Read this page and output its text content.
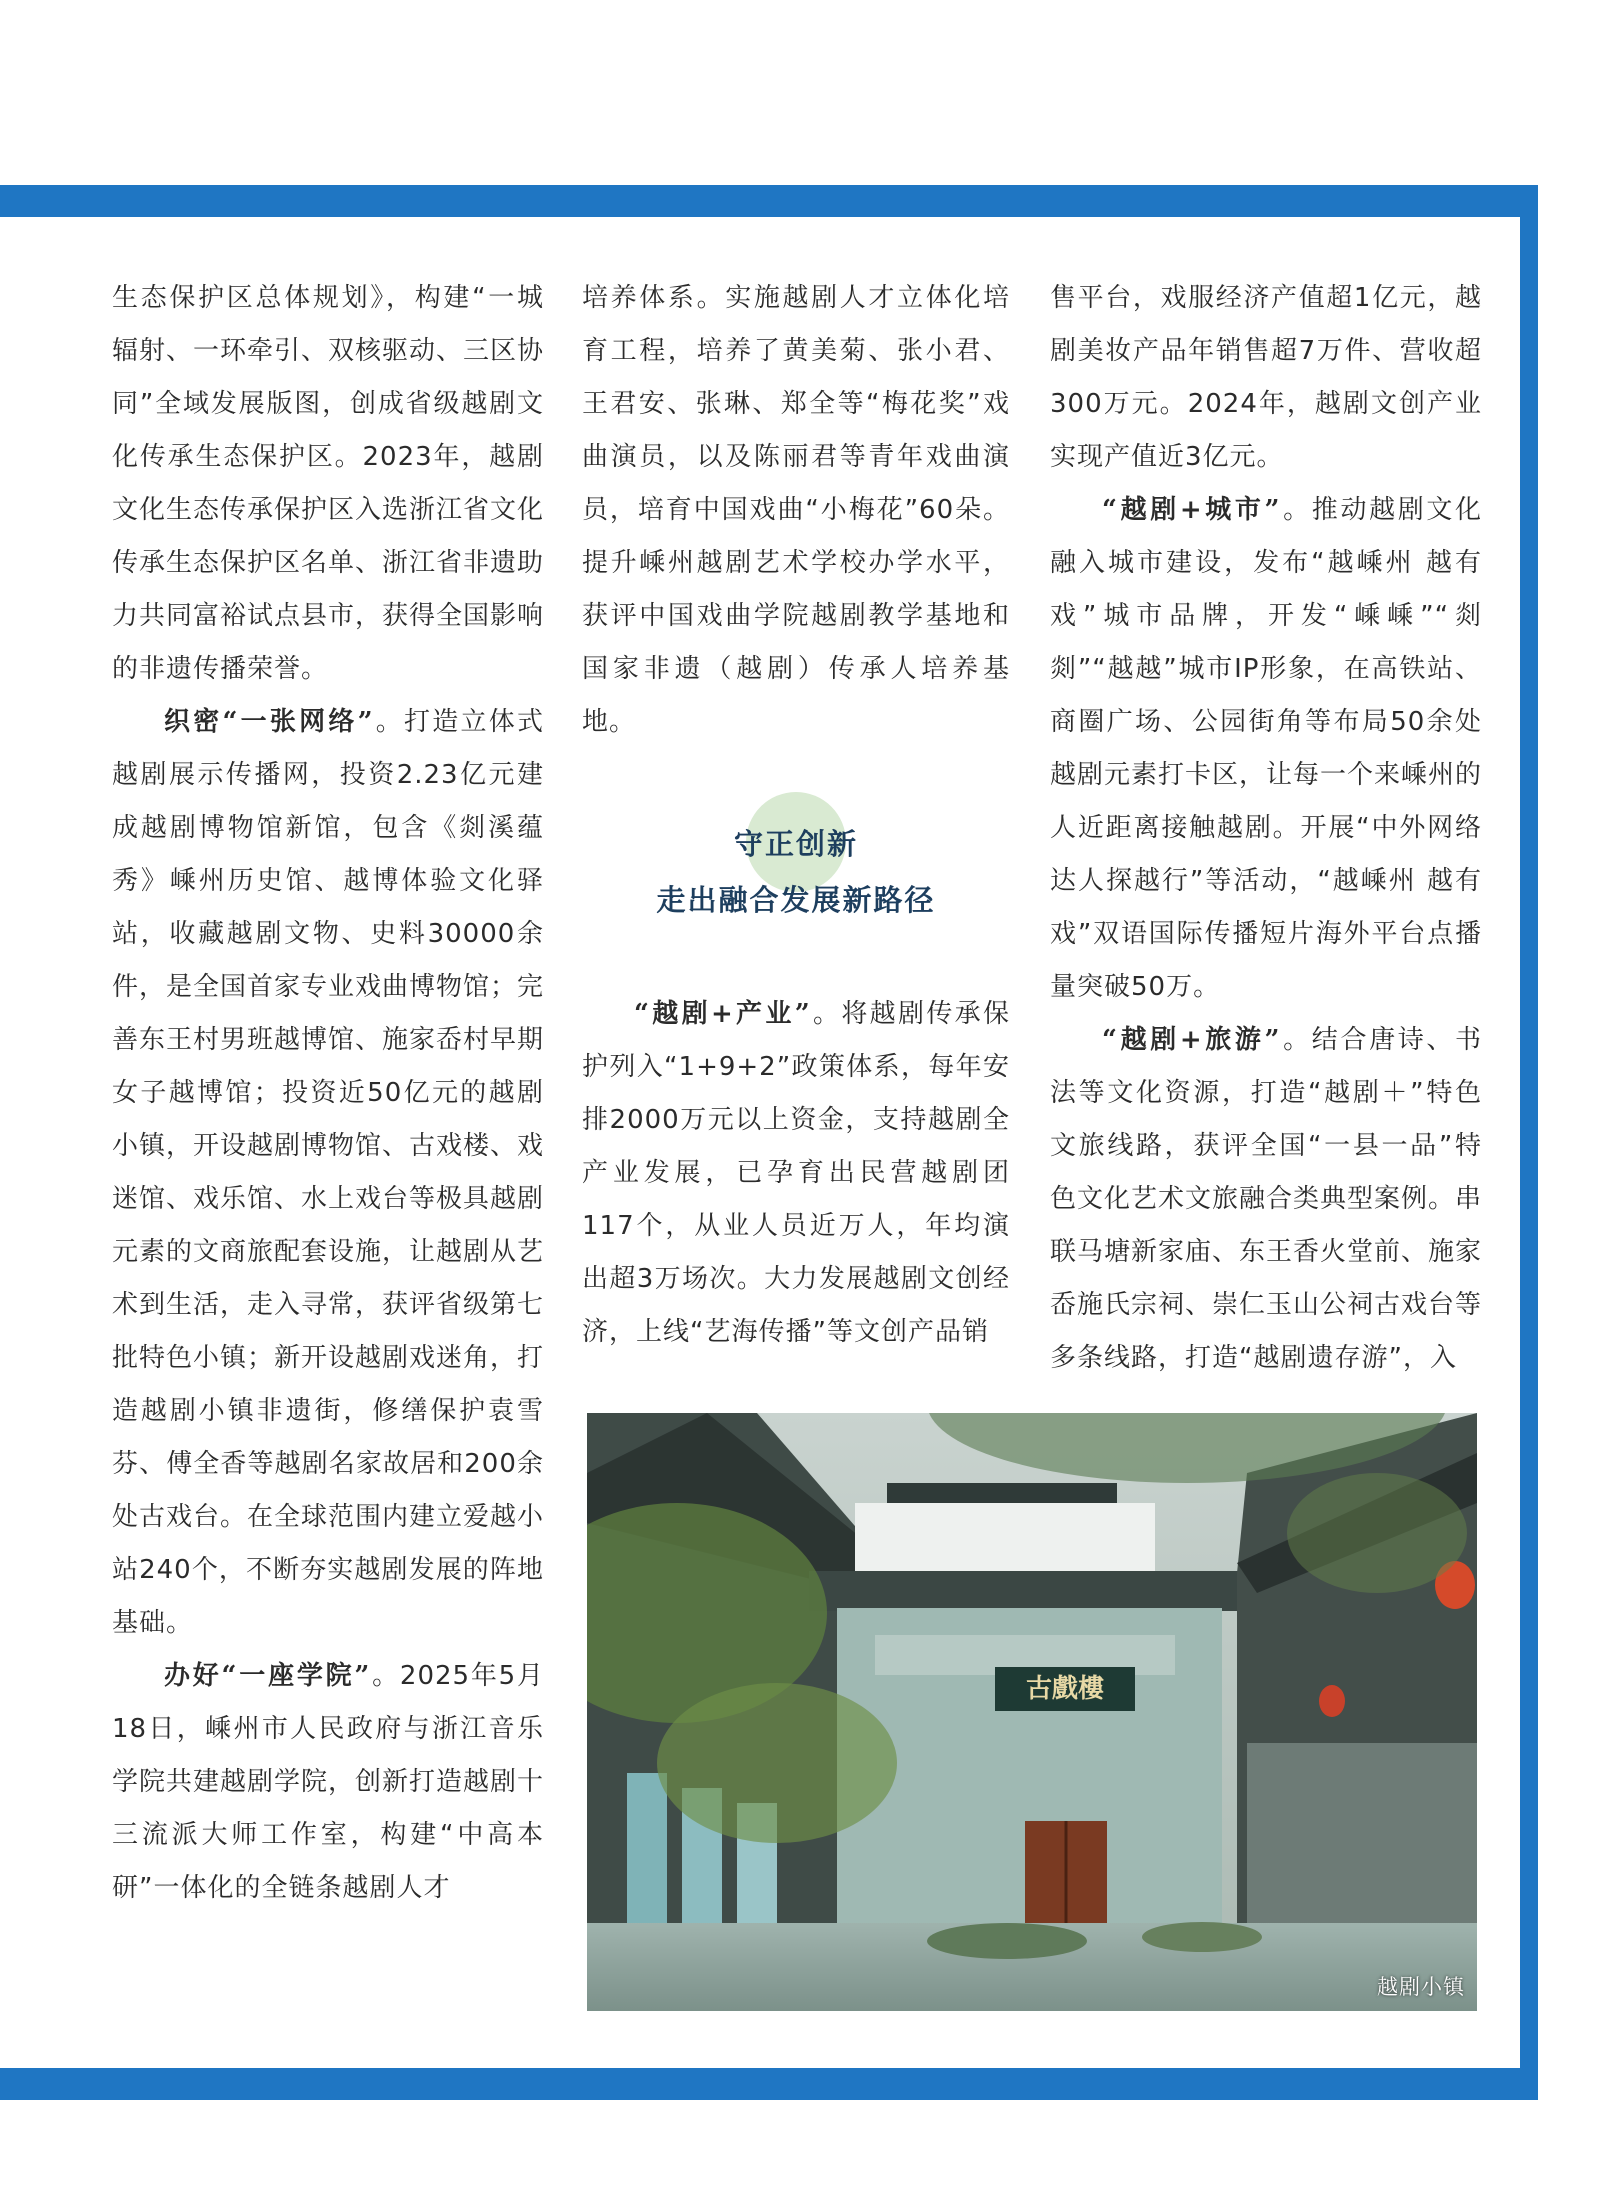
生态保护区总体规划》，构建“一城辐射、一环牵引、双核驱动、三区协同”全域发展版图，创成省级越剧文化传承生态保护区。2023年，越剧文化生态传承保护区入选浙江省文化传承生态保护区名单、浙江省非遗助力共同富裕试点县市，获得全国影响的非遗传播荣誉。

织密“一张网络”。打造立体式越剧展示传播网，投资2.23亿元建成越剧博物馆新馆，包含《剡溪蕴秀》嵊州历史馆、越博体验文化驿站，收藏越剧文物、史料30000余件，是全国首家专业戏曲博物馆；完善东王村男班越博馆、施家岙村早期女子越博馆；投资近50亿元的越剧小镇，开设越剧博物馆、古戏楼、戏迷馆、戏乐馆、水上戏台等极具越剧元素的文商旅配套设施，让越剧从艺术到生活，走入寻常，获评省级第七批特色小镇；新开设越剧戏迷角，打造越剧小镇非遗街，修缮保护袁雪芬、傅全香等越剧名家故居和200余处古戏台。在全球范围内建立爱越小站240个，不断夯实越剧发展的阵地基础。

办好“一座学院”。2025年5月18日，嵊州市人民政府与浙江音乐学院共建越剧学院，创新打造越剧十三流派大师工作室，构建“中高本研”一体化的全链条越剧人才

培养体系。实施越剧人才立体化培育工程，培养了黄美菊、张小君、王君安、张琳、郑全等“梅花奖”戏曲演员，以及陈丽君等青年戏曲演员，培育中国戏曲“小梅花”60朵。提升嵊州越剧艺术学校办学水平，获评中国戏曲学院越剧教学基地和国家非遗（越剧）传承人培养基地。

守正创新
走出融合发展新路径

“越剧+产业”。将越剧传承保护列入“1+9+2”政策体系，每年安排2000万元以上资金，支持越剧全产业发展，已孕育出民营越剧团117个，从业人员近万人，年均演出超3万场次。大力发展越剧文创经济，上线“艺海传播”等文创产品销

售平台，戏服经济产值超1亿元，越剧美妆产品年销售超7万件、营收超300万元。2024年，越剧文创产业实现产值近3亿元。

“越剧+城市”。推动越剧文化融入城市建设，发布“越嵊州 越有戏”城市品牌，开发“嵊嵊”“剡剡”“越越”城市IP形象，在高铁站、商圈广场、公园街角等布局50余处越剧元素打卡区，让每一个来嵊州的人近距离接触越剧。开展“中外网络达人探越行”等活动，“越嵊州 越有戏”双语国际传播短片海外平台点播量突破50万。

“越剧+旅游”。结合唐诗、书法等文化资源，打造“越剧＋”特色文旅线路，获评全国“一县一品”特色文化艺术文旅融合类典型案例。串联马塘新家庙、东王香火堂前、施家岙施氏宗祠、崇仁玉山公祠古戏台等多条线路，打造“越剧遗存游”，入

古戲樓
越剧小镇
